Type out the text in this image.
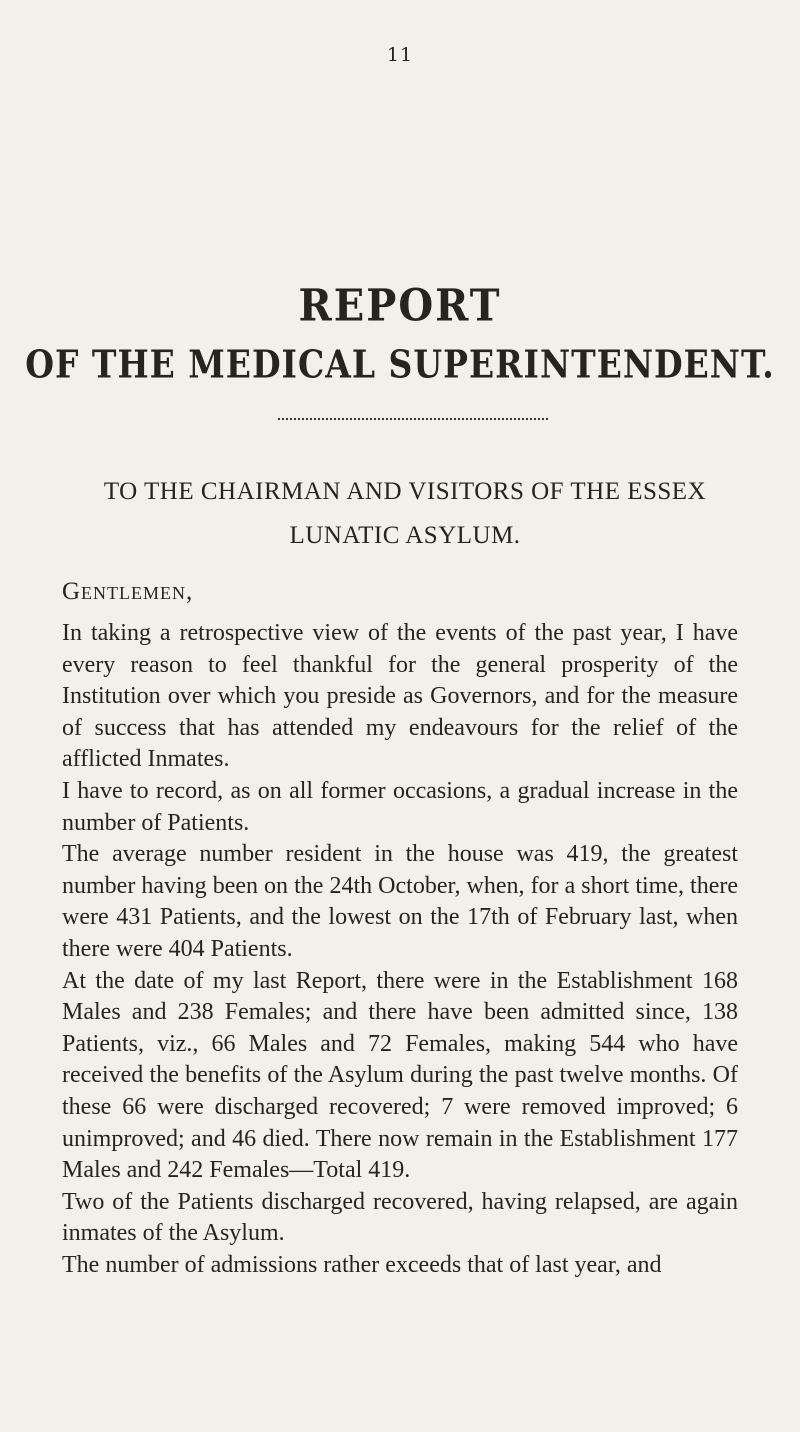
11
REPORT
OF THE MEDICAL SUPERINTENDENT.
TO THE CHAIRMAN AND VISITORS OF THE ESSEX LUNATIC ASYLUM.
Gentlemen,

In taking a retrospective view of the events of the past year, I have every reason to feel thankful for the general prosperity of the Institution over which you preside as Governors, and for the measure of success that has attended my endeavours for the relief of the afflicted Inmates.

I have to record, as on all former occasions, a gradual increase in the number of Patients.

The average number resident in the house was 419, the greatest number having been on the 24th October, when, for a short time, there were 431 Patients, and the lowest on the 17th of February last, when there were 404 Patients.

At the date of my last Report, there were in the Establishment 168 Males and 238 Females; and there have been admitted since, 138 Patients, viz., 66 Males and 72 Females, making 544 who have received the benefits of the Asylum during the past twelve months. Of these 66 were discharged recovered; 7 were removed improved; 6 unimproved; and 46 died. There now remain in the Establishment 177 Males and 242 Females—Total 419.

Two of the Patients discharged recovered, having relapsed, are again inmates of the Asylum.

The number of admissions rather exceeds that of last year, and
